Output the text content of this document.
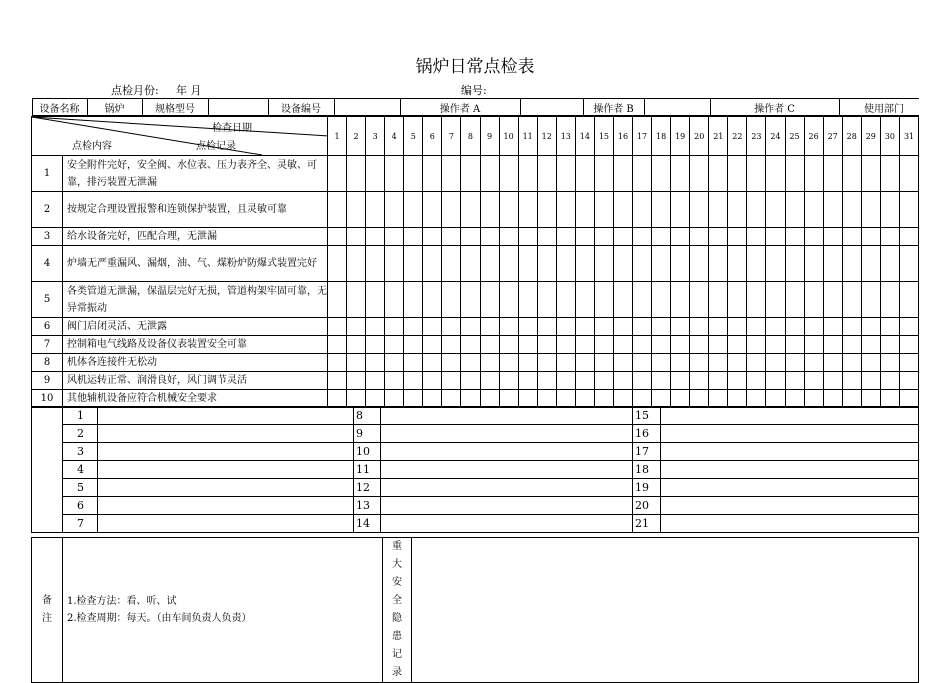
锅炉日常点检表
点检月份: 年 月	编号:
设备名称	锅炉	规格型号		设备编号		操作者 A		操作者 B		操作者 C	使用部门

检查日期
点检内容	点检记录
	1	2	3	4	5	6	7	8	9	10	11	12	13	14	15	16	17	18	19	20	21	22	23	24	25	26	27	28	29	30	31
1	安全附件完好，安全阀、水位表、压力表齐全、灵敏、可靠，排污装置无泄漏																															
2	按规定合理设置报警和连锁保护装置，且灵敏可靠																															
3	给水设备完好，匹配合理，无泄漏																															
4	炉墙无严重漏风、漏烟，油、气、煤粉炉防爆式装置完好																															
5	各类管道无泄漏，保温层完好无损，管道构架牢固可靠，无异常振动																															
6	阀门启闭灵活、无泄露																															
7	控制箱电气线路及设备仪表装置安全可靠																															
8	机体各连接件无松动																															
9	风机运转正常、润滑良好，风门调节灵活																															
10	其他辅机设备应符合机械安全要求																															
	1		8		15	
	2		9		16	
	3		10		17	
	4		11		18	
	5		12		19	
	6		13		20	
	7		14		21	
备注	
1.检查方法：看、听、试
2.检查周期：每天。（由车间负责人负责）
	重大安全隐患记录	
